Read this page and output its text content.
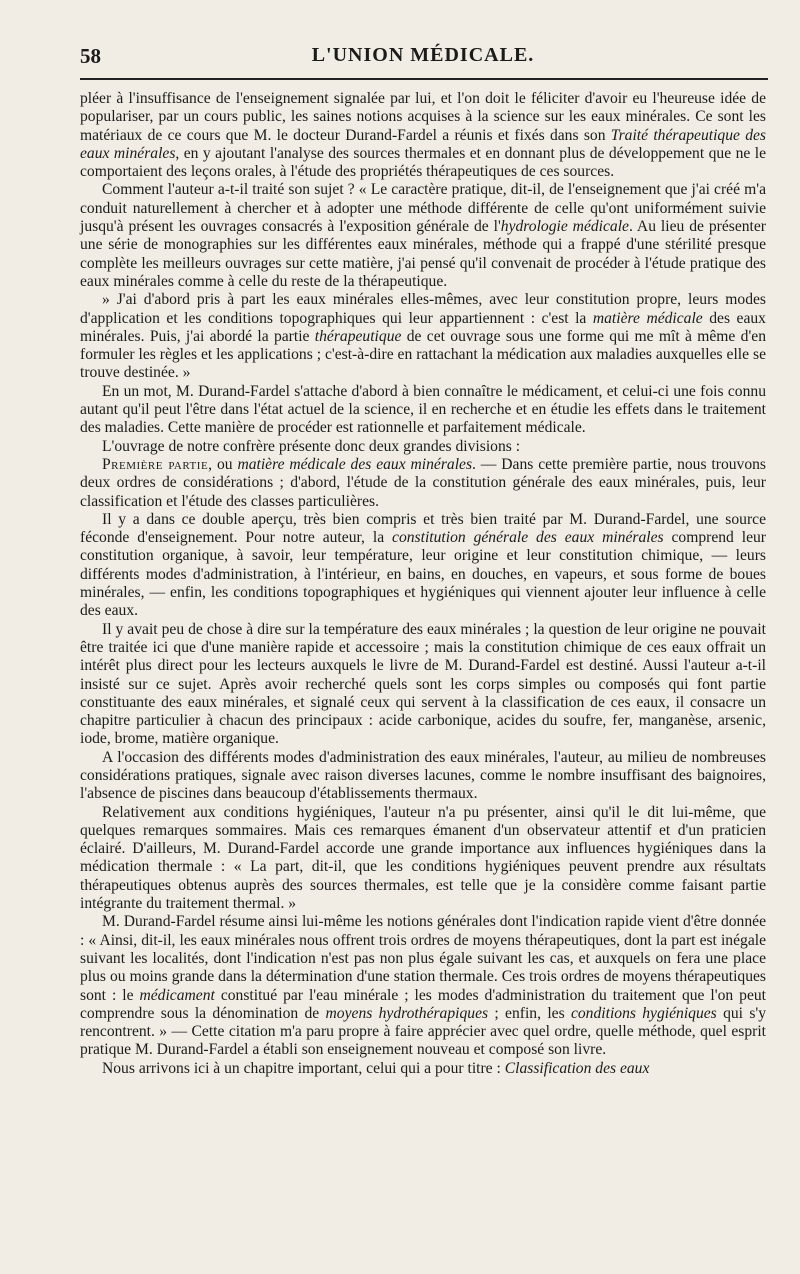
58	L'UNION MÉDICALE.

pléer à l'insuffisance de l'enseignement signalée par lui, et l'on doit le féliciter d'avoir eu l'heureuse idée de populariser, par un cours public, les saines notions acquises à la science sur les eaux minérales. Ce sont les matériaux de ce cours que M. le docteur Durand-Fardel a réunis et fixés dans son Traité thérapeutique des eaux minérales, en y ajoutant l'analyse des sources thermales et en donnant plus de développement que ne le comportaient des leçons orales, à l'étude des propriétés thérapeutiques de ces sources.

Comment l'auteur a-t-il traité son sujet ? « Le caractère pratique, dit-il, de l'enseignement que j'ai créé m'a conduit naturellement à chercher et à adopter une méthode différente de celle qu'ont uniformément suivie jusqu'à présent les ouvrages consacrés à l'exposition générale de l'hydrologie médicale. Au lieu de présenter une série de monographies sur les différentes eaux minérales, méthode qui a frappé d'une stérilité presque complète les meilleurs ouvrages sur cette matière, j'ai pensé qu'il convenait de procéder à l'étude pratique des eaux minérales comme à celle du reste de la thérapeutique.

» J'ai d'abord pris à part les eaux minérales elles-mêmes, avec leur constitution propre, leurs modes d'application et les conditions topographiques qui leur appartiennent : c'est la matière médicale des eaux minérales. Puis, j'ai abordé la partie thérapeutique de cet ouvrage sous une forme qui me mît à même d'en formuler les règles et les applications ; c'est-à-dire en rattachant la médication aux maladies auxquelles elle se trouve destinée. »

En un mot, M. Durand-Fardel s'attache d'abord à bien connaître le médicament, et celui-ci une fois connu autant qu'il peut l'être dans l'état actuel de la science, il en recherche et en étudie les effets dans le traitement des maladies. Cette manière de procéder est rationnelle et parfaitement médicale.

L'ouvrage de notre confrère présente donc deux grandes divisions :

Première partie, ou matière médicale des eaux minérales. — Dans cette première partie, nous trouvons deux ordres de considérations ; d'abord, l'étude de la constitution générale des eaux minérales, puis, leur classification et l'étude des classes particulières.

Il y a dans ce double aperçu, très bien compris et très bien traité par M. Durand-Fardel, une source féconde d'enseignement. Pour notre auteur, la constitution générale des eaux minérales comprend leur constitution organique, à savoir, leur température, leur origine et leur constitution chimique, — leurs différents modes d'administration, à l'intérieur, en bains, en douches, en vapeurs, et sous forme de boues minérales, — enfin, les conditions topographiques et hygiéniques qui viennent ajouter leur influence à celle des eaux.

Il y avait peu de chose à dire sur la température des eaux minérales ; la question de leur origine ne pouvait être traitée ici que d'une manière rapide et accessoire ; mais la constitution chimique de ces eaux offrait un intérêt plus direct pour les lecteurs auxquels le livre de M. Durand-Fardel est destiné. Aussi l'auteur a-t-il insisté sur ce sujet. Après avoir recherché quels sont les corps simples ou composés qui font partie constituante des eaux minérales, et signalé ceux qui servent à la classification de ces eaux, il consacre un chapitre particulier à chacun des principaux : acide carbonique, acides du soufre, fer, manganèse, arsenic, iode, brome, matière organique.

A l'occasion des différents modes d'administration des eaux minérales, l'auteur, au milieu de nombreuses considérations pratiques, signale avec raison diverses lacunes, comme le nombre insuffisant des baignoires, l'absence de piscines dans beaucoup d'établissements thermaux.

Relativement aux conditions hygiéniques, l'auteur n'a pu présenter, ainsi qu'il le dit lui-même, que quelques remarques sommaires. Mais ces remarques émanent d'un observateur attentif et d'un praticien éclairé. D'ailleurs, M. Durand-Fardel accorde une grande importance aux influences hygiéniques dans la médication thermale : « La part, dit-il, que les conditions hygiéniques peuvent prendre aux résultats thérapeutiques obtenus auprès des sources thermales, est telle que je la considère comme faisant partie intégrante du traitement thermal. »

M. Durand-Fardel résume ainsi lui-même les notions générales dont l'indication rapide vient d'être donnée : « Ainsi, dit-il, les eaux minérales nous offrent trois ordres de moyens thérapeutiques, dont la part est inégale suivant les localités, dont l'indication n'est pas non plus égale suivant les cas, et auxquels on fera une place plus ou moins grande dans la détermination d'une station thermale. Ces trois ordres de moyens thérapeutiques sont : le médicament constitué par l'eau minérale ; les modes d'administration du traitement que l'on peut comprendre sous la dénomination de moyens hydrothérapiques ; enfin, les conditions hygiéniques qui s'y rencontrent. » — Cette citation m'a paru propre à faire apprécier avec quel ordre, quelle méthode, quel esprit pratique M. Durand-Fardel a établi son enseignement nouveau et composé son livre.

Nous arrivons ici à un chapitre important, celui qui a pour titre : Classification des eaux
